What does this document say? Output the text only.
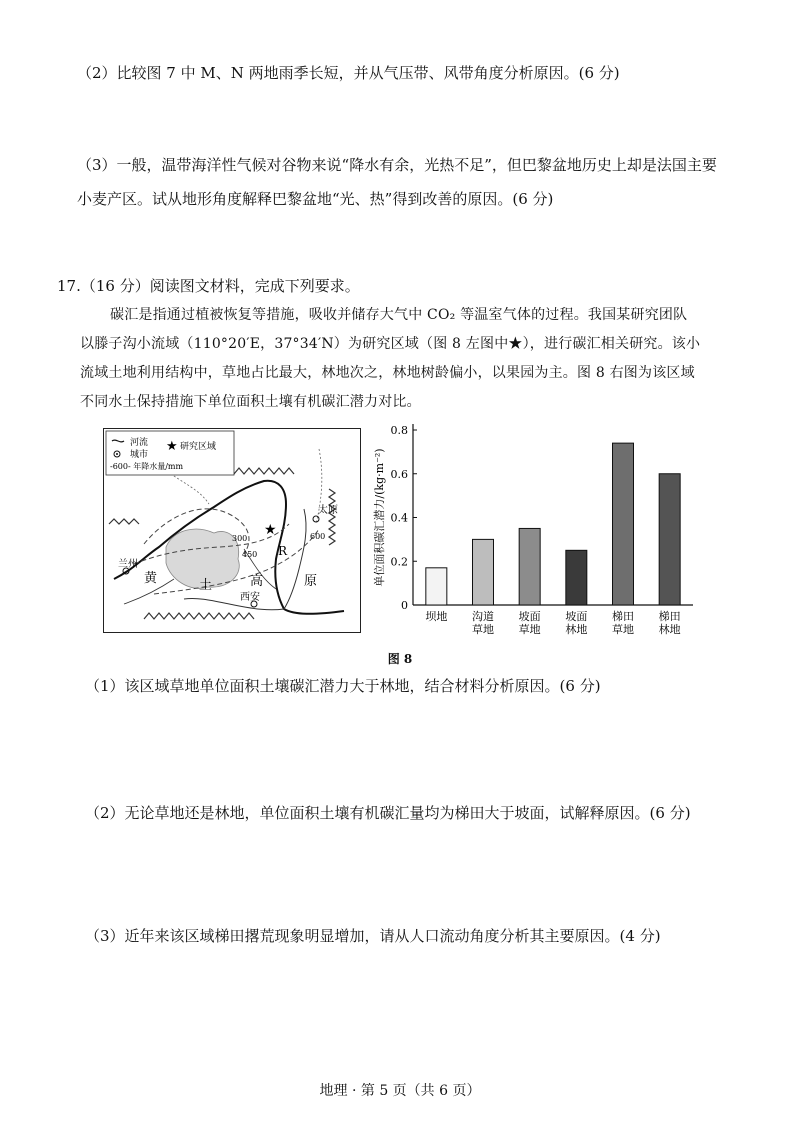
（2）比较图 7 中 M、N 两地雨季长短，并从气压带、风带角度分析原因。(6 分)
（3）一般，温带海洋性气候对谷物来说“降水有余，光热不足”，但巴黎盆地历史上却是法国主要
小麦产区。试从地形角度解释巴黎盆地“光、热”得到改善的原因。(6 分)
17.（16 分）阅读图文材料，完成下列要求。
碳汇是指通过植被恢复等措施，吸收并储存大气中 CO₂ 等温室气体的过程。我国某研究团队
以滕子沟小流域（110°20′E，37°34′N）为研究区域（图 8 左图中★），进行碳汇相关研究。该小
流域土地利用结构中，草地占比最大，林地次之，林地树龄偏小，以果园为主。图 8 右图为该区域
不同水土保持措施下单位面积土壤有机碳汇潜力对比。
河流
城市
-600- 年降水量/mm
★ 研究区域
★
兰州
黄	土	高	原
西安
太原
R
300
450
600
0
0.2
0.4
0.6
0.8
单位面积碳汇潜力/(kg·m⁻²)
坝地 沟道
草地
坡面
草地
坡面
林地
梯田
草地
梯田
林地
图 8
（1）该区域草地单位面积土壤碳汇潜力大于林地，结合材料分析原因。(6 分)
（2）无论草地还是林地，单位面积土壤有机碳汇量均为梯田大于坡面，试解释原因。(6 分)
（3）近年来该区域梯田撂荒现象明显增加，请从人口流动角度分析其主要原因。(4 分)
地理 · 第 5 页（共 6 页）
